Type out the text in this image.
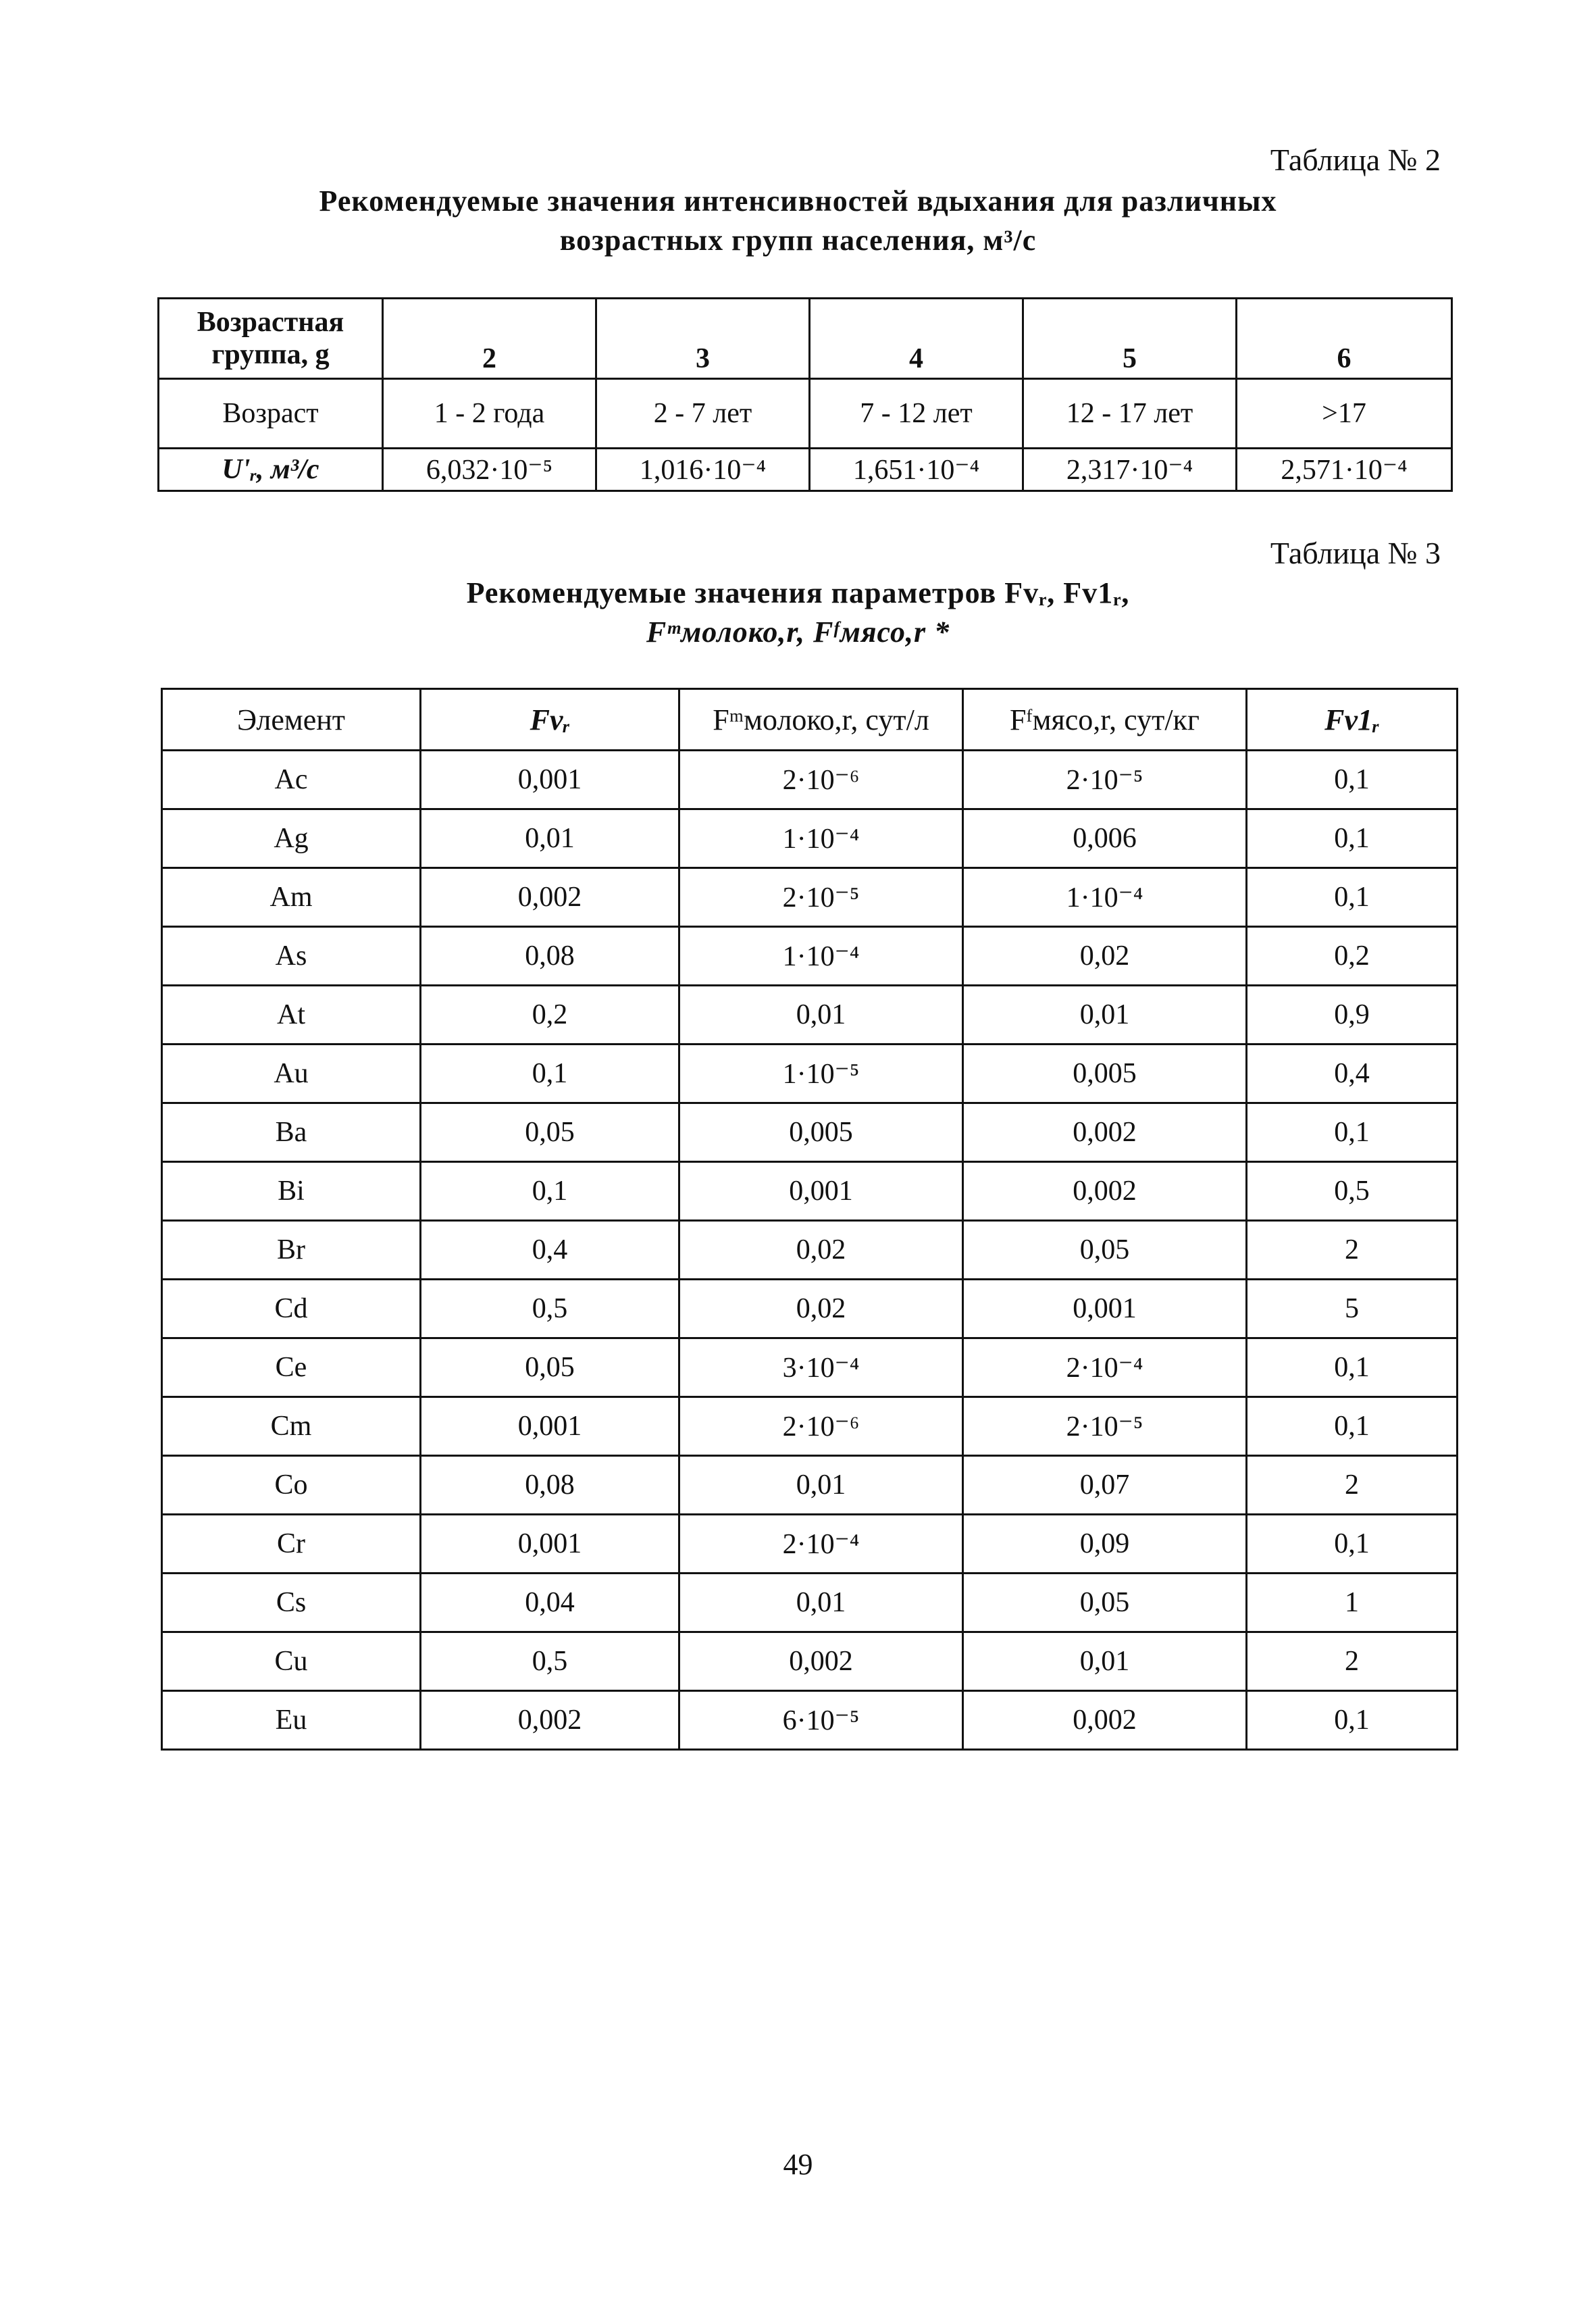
Таблица № 2
Рекомендуемые значения интенсивностей вдыхания для различных
возрастных групп населения, м³/с
Возрастная группа, g	2	3	4	5	6
Возраст	1 - 2 года	2 - 7 лет	7 - 12 лет	12 - 17 лет	>17
U'ᵣ, м³/с	6,032·10⁻⁵	1,016·10⁻⁴	1,651·10⁻⁴	2,317·10⁻⁴	2,571·10⁻⁴
Таблица № 3
Рекомендуемые значения параметров Fvᵣ, Fv1ᵣ,
Fᵐмолоко,r, Fᶠмясо,r *
Элемент	Fvᵣ	Fᵐмолоко,r, сут/л	Fᶠмясо,r, сут/кг	Fv1ᵣ
Ac	0,001	2·10⁻⁶	2·10⁻⁵	0,1
Ag	0,01	1·10⁻⁴	0,006	0,1
Am	0,002	2·10⁻⁵	1·10⁻⁴	0,1
As	0,08	1·10⁻⁴	0,02	0,2
At	0,2	0,01	0,01	0,9
Au	0,1	1·10⁻⁵	0,005	0,4
Ba	0,05	0,005	0,002	0,1
Bi	0,1	0,001	0,002	0,5
Br	0,4	0,02	0,05	2
Cd	0,5	0,02	0,001	5
Ce	0,05	3·10⁻⁴	2·10⁻⁴	0,1
Cm	0,001	2·10⁻⁶	2·10⁻⁵	0,1
Co	0,08	0,01	0,07	2
Cr	0,001	2·10⁻⁴	0,09	0,1
Cs	0,04	0,01	0,05	1
Cu	0,5	0,002	0,01	2
Eu	0,002	6·10⁻⁵	0,002	0,1
49
